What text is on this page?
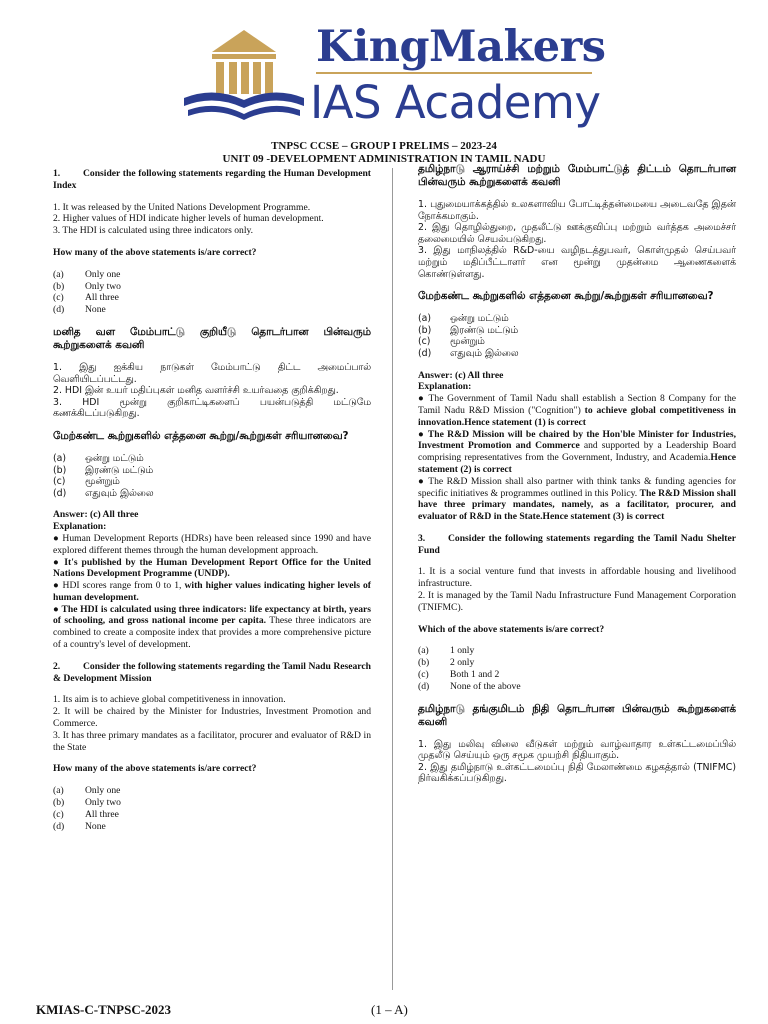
KingMakers
IAS Academy
TNPSC CCSE – GROUP I PRELIMS – 2023-24
UNIT 09 -DEVELOPMENT ADMINISTRATION IN TAMIL NADU

1. Consider the following statements regarding the Human Development Index

1. It was released by the United Nations Development Programme.

2. Higher values of HDI indicate higher levels of human development.

3. The HDI is calculated using three indicators only.

How many of the above statements is/are correct?

(a) Only one

(b) Only two

(c) All three

(d) None

மனித வள மேம்பாட்டு குறியீடு தொடர்பான பின்வரும் கூற்றுகளைக் கவனி

1. இது ஐக்கிய நாடுகள் மேம்பாட்டு திட்ட அமைப்பால் வெளியிடப்பட்டது.

2. HDI இன் உயர் மதிப்புகள் மனித வளர்ச்சி உயர்வதை குறிக்கிறது.

3. HDI மூன்று குறிகாட்டிகளைப் பயன்படுத்தி மட்டுமே கணக்கிடப்படுகிறது.

மேற்கண்ட கூற்றுகளில் எத்தனை கூற்று/கூற்றுகள் சரியானவை?

(a) ஒன்று மட்டும்

(b) இரண்டு மட்டும்

(c) மூன்றும்

(d) எதுவும் இல்லை

Answer: (c) All three

Explanation:

● Human Development Reports (HDRs) have been released since 1990 and have explored different themes through the human development approach.

● It's published by the Human Development Report Office for the United Nations Development Programme (UNDP).

● HDI scores range from 0 to 1, with higher values indicating higher levels of human development.

● The HDI is calculated using three indicators: life expectancy at birth, years of schooling, and gross national income per capita. These three indicators are combined to create a composite index that provides a more comprehensive picture of a country's level of development.

2. Consider the following statements regarding the Tamil Nadu Research & Development Mission

1. Its aim is to achieve global competitiveness in innovation.

2. It will be chaired by the Minister for Industries, Investment Promotion and Commerce.

3. It has three primary mandates as a facilitator, procurer and evaluator of R&D in the State

How many of the above statements is/are correct?

(a) Only one

(b) Only two

(c) All three

(d) None

தமிழ்நாடு ஆராய்ச்சி மற்றும் மேம்பாட்டுத் திட்டம் தொடர்பான பின்வரும் கூற்றுகளைக் கவனி

1. புதுமையாக்கத்தில் உலகளாவிய போட்டித்தன்மையை அடைவதே இதன் நோக்கமாகும்.

2. இது தொழில்துறை, முதலீட்டு ஊக்குவிப்பு மற்றும் வர்த்தக அமைச்சர் தலைமையில் செயல்படுகிறது.

3. இது மாநிலத்தில் R&D-யை வழிநடத்துபவர், கொள்முதல் செய்பவர் மற்றும் மதிப்பீட்டாளர் என மூன்று முதன்மை ஆணைகளைக் கொண்டுள்ளது.

மேற்கண்ட கூற்றுகளில் எத்தனை கூற்று/கூற்றுகள் சரியானவை?

(a) ஒன்று மட்டும்

(b) இரண்டு மட்டும்

(c) மூன்றும்

(d) எதுவும் இல்லை

Answer: (c) All three

Explanation:

● The Government of Tamil Nadu shall establish a Section 8 Company for the Tamil Nadu R&D Mission ("Cognition") to achieve global competitiveness in innovation.Hence statement (1) is correct

● The R&D Mission will be chaired by the Hon'ble Minister for Industries, Investment Promotion and Commerce and supported by a Leadership Board comprising representatives from the Government, Industry, and Academia.Hence statement (2) is correct

● The R&D Mission shall also partner with think tanks & funding agencies for specific initiatives & programmes outlined in this Policy. The R&D Mission shall have three primary mandates, namely, as a facilitator, procurer, and evaluator of R&D in the State.Hence statement (3) is correct

3. Consider the following statements regarding the Tamil Nadu Shelter Fund

1. It is a social venture fund that invests in affordable housing and livelihood infrastructure.

2. It is managed by the Tamil Nadu Infrastructure Fund Management Corporation (TNIFMC).

Which of the above statements is/are correct?

(a) 1 only

(b) 2 only

(c) Both 1 and 2

(d) None of the above

தமிழ்நாடு தங்குமிடம் நிதி தொடர்பான பின்வரும் கூற்றுகளைக் கவனி

1. இது மலிவு விலை வீடுகள் மற்றும் வாழ்வாதார உள்கட்டமைப்பில் முதலீடு செய்யும் ஒரு சமூக முயற்சி நிதியாகும்.

2. இது தமிழ்நாடு உள்கட்டமைப்பு நிதி மேலாண்மை கழகத்தால் (TNIFMC) நிர்வகிக்கப்படுகிறது.

KMIAS-C-TNPSC-2023	(1 – A)
